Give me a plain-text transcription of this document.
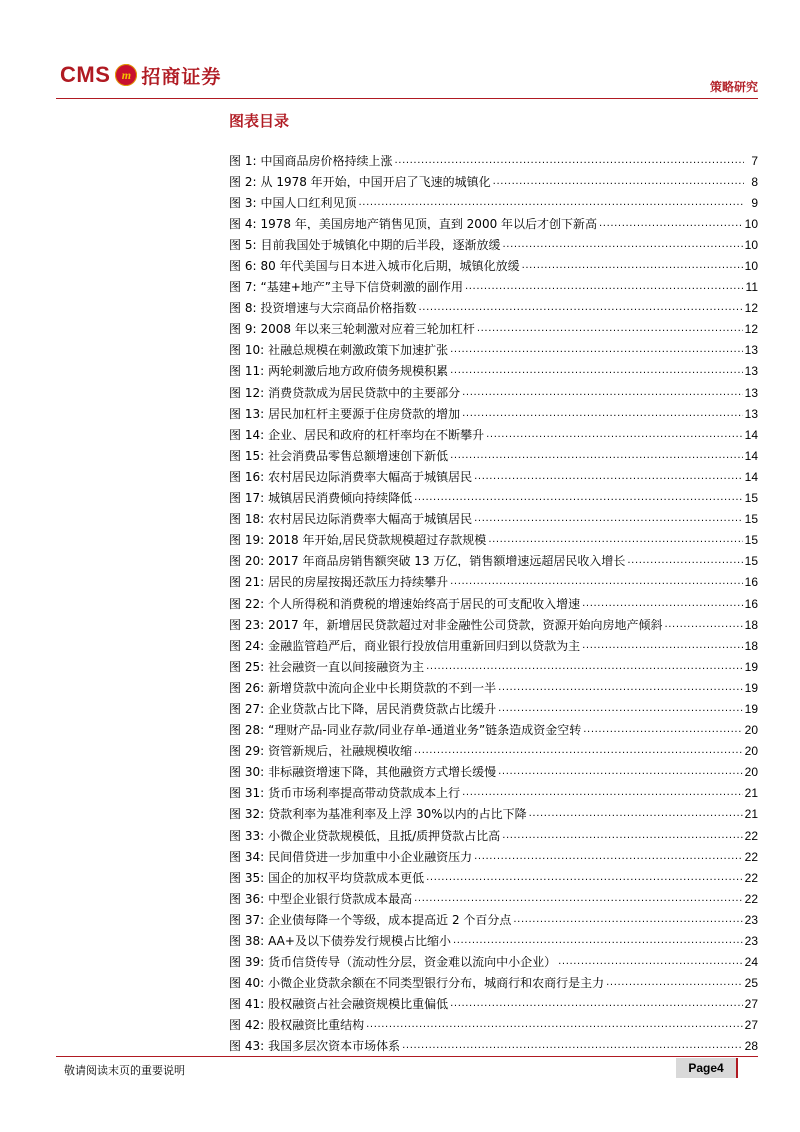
CMS m 招商证券	策略研究
图表目录
图 1: 中国商品房价格持续上涨 .....	7
图 2: 从 1978 年开始，中国开启了飞速的城镇化 .....	8
图 3: 中国人口红利见顶 .....	9
图 4: 1978 年，美国房地产销售见顶，直到 2000 年以后才创下新高 .....	10
图 5: 目前我国处于城镇化中期的后半段，逐渐放缓 .....	10
图 6: 80 年代美国与日本进入城市化后期，城镇化放缓 .....	10
图 7: “基建+地产”主导下信贷刺激的副作用 .....	11
图 8: 投资增速与大宗商品价格指数 .....	12
图 9: 2008 年以来三轮刺激对应着三轮加杠杆 .....	12
图 10: 社融总规模在刺激政策下加速扩张 .....	13
图 11: 两轮刺激后地方政府债务规模积累 .....	13
图 12: 消费贷款成为居民贷款中的主要部分 .....	13
图 13: 居民加杠杆主要源于住房贷款的增加 .....	13
图 14: 企业、居民和政府的杠杆率均在不断攀升 .....	14
图 15: 社会消费品零售总额增速创下新低 .....	14
图 16: 农村居民边际消费率大幅高于城镇居民 .....	14
图 17: 城镇居民消费倾向持续降低 .....	15
图 18: 农村居民边际消费率大幅高于城镇居民 .....	15
图 19: 2018 年开始,居民贷款规模超过存款规模 .....	15
图 20: 2017 年商品房销售额突破 13 万亿，销售额增速远超居民收入增长 .....	15
图 21: 居民的房屋按揭还款压力持续攀升 .....	16
图 22: 个人所得税和消费税的增速始终高于居民的可支配收入增速 .....	16
图 23: 2017 年，新增居民贷款超过对非金融性公司贷款，资源开始向房地产倾斜 .....	18
图 24: 金融监管趋严后，商业银行投放信用重新回归到以贷款为主 .....	18
图 25: 社会融资一直以间接融资为主 .....	19
图 26: 新增贷款中流向企业中长期贷款的不到一半 .....	19
图 27: 企业贷款占比下降，居民消费贷款占比缓升 .....	19
图 28: “理财产品-同业存款/同业存单-通道业务”链条造成资金空转 .....	20
图 29: 资管新规后，社融规模收缩 .....	20
图 30: 非标融资增速下降，其他融资方式增长缓慢 .....	20
图 31: 货币市场利率提高带动贷款成本上行 .....	21
图 32: 贷款利率为基准利率及上浮 30%以内的占比下降 .....	21
图 33: 小微企业贷款规模低，且抵/质押贷款占比高 .....	22
图 34: 民间借贷进一步加重中小企业融资压力 .....	22
图 35: 国企的加权平均贷款成本更低 .....	22
图 36: 中型企业银行贷款成本最高 .....	22
图 37: 企业债每降一个等级，成本提高近 2 个百分点 .....	23
图 38: AA+及以下债券发行规模占比缩小 .....	23
图 39: 货币信贷传导（流动性分层，资金难以流向中小企业） .....	24
图 40: 小微企业贷款余额在不同类型银行分布，城商行和农商行是主力 .....	25
图 41: 股权融资占社会融资规模比重偏低 .....	27
图 42: 股权融资比重结构 .....	27
图 43: 我国多层次资本市场体系 .....	28
敬请阅读末页的重要说明	Page4
